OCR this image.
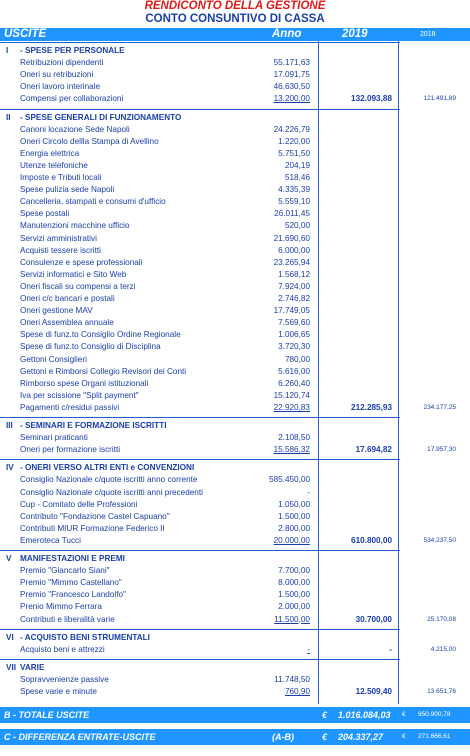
RENDICONTO DELLA GESTIONE
CONTO CONSUNTIVO DI CASSA
USCITE	Anno	2019	2018
I - SPESE PER PERSONALE
Retribuzioni dipendenti	55.171,63
Oneri su retribuzioni	17.091,75
Oneri lavoro interinale	46.630,50
Compensi per collaborazioni	13.200,00	132.093,88	121.491,89
II - SPESE GENERALI DI FUNZIONAMENTO
Canoni locazione Sede Napoli	24.226,79
Oneri Circolo dellla Stampa di Avellino	1.220,00
Energia elettrica	5.751,50
Utenze telefoniche	204,19
Imposte e Tributi locali	518,46
Spese pulizia sede Napoli	4.335,39
Cancelleria, stampati e consumi d'ufficio	5.559,10
Spese postali	26.011,45
Manutenzioni macchine ufficio	520,00
Servizi amministrativi	21.690,60
Acquisti tessere iscritti	6.000,00
Consulenze e spese professionali	23.265,94
Servizi informatici e Sito Web	1.568,12
Oneri fiscali su compensi a terzi	7.924,00
Oneri c/c bancari e postali	2.746,82
Oneri gestione MAV	17.749,05
Oneri Assemblea annuale	7.569,60
Spese di funz.to Consiglio Ordine Regionale	1.006,65
Spese di funz.to Consiglio di Disciplina	3.720,30
Gettoni Consiglieri	780,00
Gettoni e Rimborsi Collegio Revisori dei Conti	5.616,00
Rimborso spese Organi istituzionali	6.260,40
Iva per scissione "Split payment"	15.120,74
Pagamenti c/residui passivi	22.920,83	212.285,93	234.177,25
III - SEMINARI E FORMAZIONE ISCRITTI
Seminari praticanti	2.108,50
Oneri per formazione iscritti	15.586,32	17.694,82	17.957,30
IV - ONERI VERSO ALTRI ENTI e CONVENZIONI
Consiglio Nazionale c/quote iscritti anno corrente	585.450,00
Consiglio Nazionale c/quote iscritti anni precedenti	-
Cup - Comitato delle Professioni	1.050,00
Contributo "Fondazione Castel Capuano"	1.500,00
Contributi MIUR Formazione Federico II	2.800,00
Emeroteca Tucci	20.000,00	610.800,00	534.237,50
V MANIFESTAZIONI E PREMI
Premio "Giancarlo Siani"	7.700,00
Premio "Mimmo Castellano"	8.000,00
Premio "Francesco Landolfo"	1.500,00
Prenio Mimmo Ferrara	2.000,00
Contributi e liberalità varie	11.500,00	30.700,00	25.170,08
VI - ACQUISTO BENI STRUMENTALI
Acquisto beni e attrezzi	-	-	4.215,00
VII VARIE
Sopravvenienze passive	11.748,50
Spese varie e minute	760,90	12.509,40	13.651,76
B - TOTALE USCITE	€ 1.016.084,03 € 950.900,78
C - DIFFERENZA ENTRATE-USCITE	(A-B)	€ 204.337,27	€ 271.666,61
